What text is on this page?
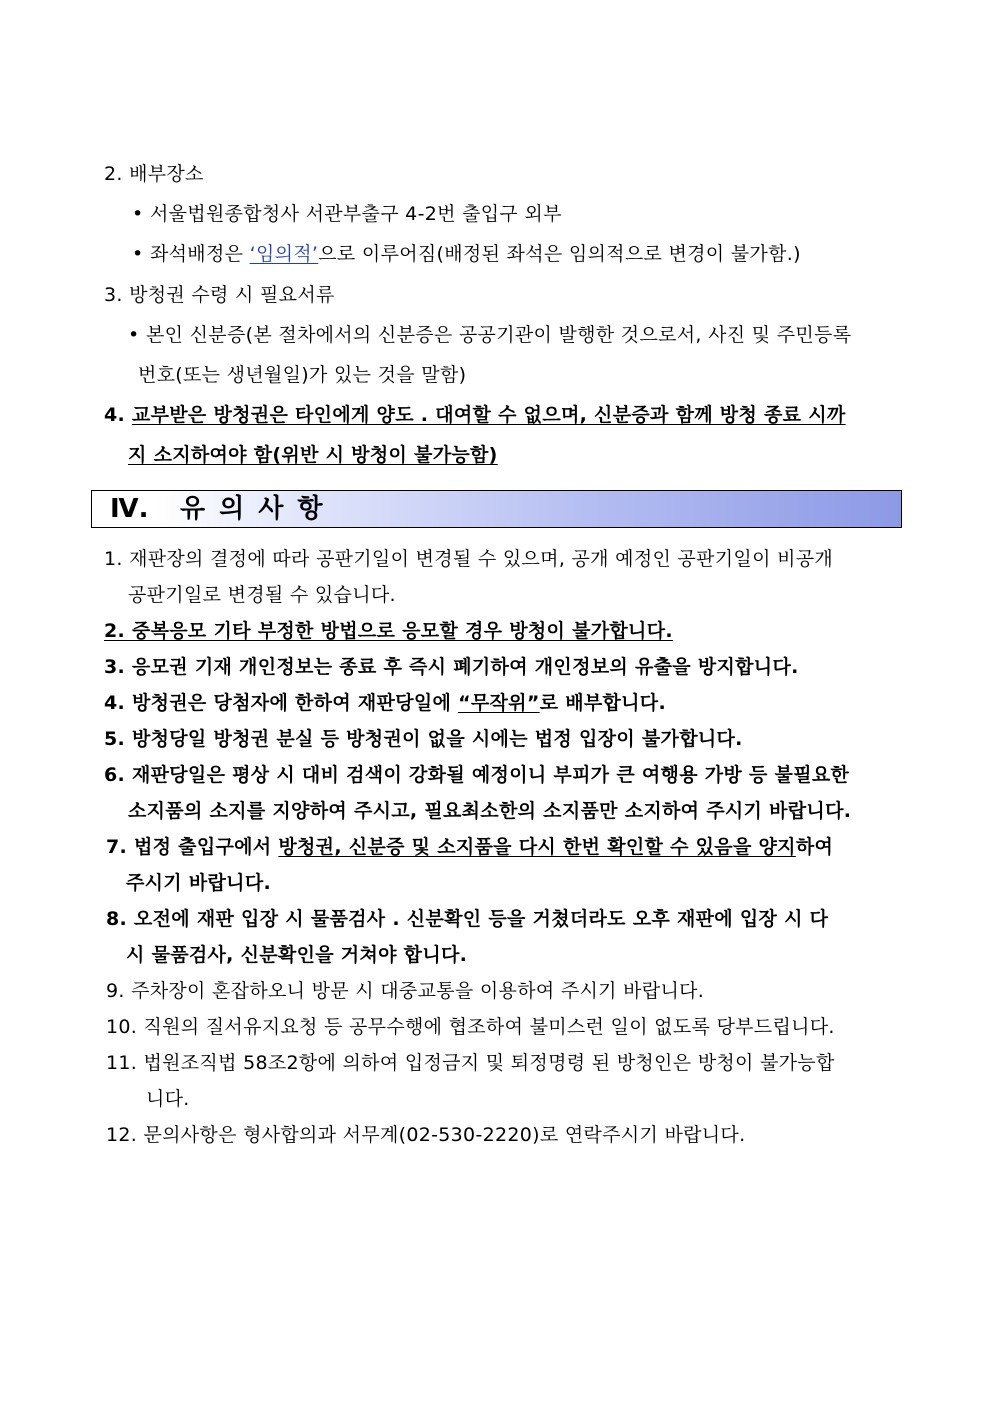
2. 배부장소
• 서울법원종합청사 서관부출구 4-2번 출입구 외부
• 좌석배정은 ‘임의적’으로 이루어짐(배정된 좌석은 임의적으로 변경이 불가함.)
3. 방청권 수령 시 필요서류
• 본인 신분증(본 절차에서의 신분증은 공공기관이 발행한 것으로서, 사진 및 주민등록
번호(또는 생년월일)가 있는 것을 말함)
4. 교부받은 방청권은 타인에게 양도 . 대여할 수 없으며, 신분증과 함께 방청 종료 시까
지 소지하여야 함(위반 시 방청이 불가능함)
Ⅳ.	유의사항
1. 재판장의 결정에 따라 공판기일이 변경될 수 있으며, 공개 예정인 공판기일이 비공개
공판기일로 변경될 수 있습니다.
2. 중복응모 기타 부정한 방법으로 응모할 경우 방청이 불가합니다.
3. 응모권 기재 개인정보는 종료 후 즉시 폐기하여 개인정보의 유출을 방지합니다.
4. 방청권은 당첨자에 한하여 재판당일에 “무작위”로 배부합니다.
5. 방청당일 방청권 분실 등 방청권이 없을 시에는 법정 입장이 불가합니다.
6. 재판당일은 평상 시 대비 검색이 강화될 예정이니 부피가 큰 여행용 가방 등 불필요한
소지품의 소지를 지양하여 주시고, 필요최소한의 소지품만 소지하여 주시기 바랍니다.
7. 법정 출입구에서 방청권, 신분증 및 소지품을 다시 한번 확인할 수 있음을 양지하여
주시기 바랍니다.
8. 오전에 재판 입장 시 물품검사 . 신분확인 등을 거쳤더라도 오후 재판에 입장 시 다
시 물품검사, 신분확인을 거쳐야 합니다.
9. 주차장이 혼잡하오니 방문 시 대중교통을 이용하여 주시기 바랍니다.
10. 직원의 질서유지요청 등 공무수행에 협조하여 불미스런 일이 없도록 당부드립니다.
11. 법원조직법 58조2항에 의하여 입정금지 및 퇴정명령 된 방청인은 방청이 불가능합
니다.
12. 문의사항은 형사합의과 서무계(02-530-2220)로 연락주시기 바랍니다.
